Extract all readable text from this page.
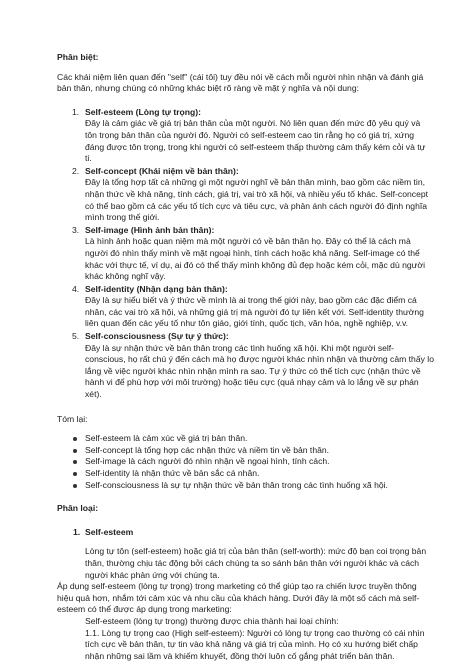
Phân biệt:

Các khái niệm liên quan đến "self" (cái tôi) tuy đều nói về cách mỗi người nhìn nhận và đánh giá bản thân, nhưng chúng có những khác biệt rõ ràng về mặt ý nghĩa và nội dung:

1. Self-esteem (Lòng tự trọng):
Đây là cảm giác về giá trị bản thân của một người. Nó liên quan đến mức độ yêu quý và tôn trọng bản thân của người đó. Người có self-esteem cao tin rằng họ có giá trị, xứng đáng được tôn trọng, trong khi người có self-esteem thấp thường cảm thấy kém cỏi và tự ti.
2. Self-concept (Khái niệm về bản thân):
Đây là tổng hợp tất cả những gì một người nghĩ về bản thân mình, bao gồm các niềm tin, nhận thức về khả năng, tính cách, giá trị, vai trò xã hội, và nhiều yếu tố khác. Self-concept có thể bao gồm cả các yếu tố tích cực và tiêu cực, và phản ánh cách người đó định nghĩa mình trong thế giới.
3. Self-image (Hình ảnh bản thân):
Là hình ảnh hoặc quan niệm mà một người có về bản thân họ. Đây có thể là cách mà người đó nhìn thấy mình về mặt ngoại hình, tính cách hoặc khả năng. Self-image có thể khác với thực tế, ví dụ, ai đó có thể thấy mình không đủ đẹp hoặc kém cỏi, mặc dù người khác không nghĩ vậy.
4. Self-identity (Nhận dạng bản thân):
Đây là sự hiểu biết và ý thức về mình là ai trong thế giới này, bao gồm các đặc điểm cá nhân, các vai trò xã hội, và những giá trị mà người đó tự liên kết với. Self-identity thường liên quan đến các yếu tố như tôn giáo, giới tính, quốc tịch, văn hóa, nghề nghiệp, v.v.
5. Self-consciousness (Sự tự ý thức):
Đây là sự nhận thức về bản thân trong các tình huống xã hội. Khi một người self-conscious, họ rất chú ý đến cách mà họ được người khác nhìn nhận và thường cảm thấy lo lắng về việc người khác nhìn nhận mình ra sao. Tự ý thức có thể tích cực (nhận thức về hành vi để phù hợp với môi trường) hoặc tiêu cực (quá nhạy cảm và lo lắng về sự phán xét).

Tóm lại:

Self-esteem là cảm xúc về giá trị bản thân.
Self-concept là tổng hợp các nhận thức và niềm tin về bản thân.
Self-image là cách người đó nhìn nhận về ngoại hình, tính cách.
Self-identity là nhận thức về bản sắc cá nhân.
Self-consciousness là sự tự nhận thức về bản thân trong các tình huống xã hội.

Phân loại:

1. Self-esteem

Lòng tự tôn (self-esteem) hoặc giá trị của bản thân (self-worth): mức độ bạn coi trọng bản thân, thường chịu tác động bởi cách chúng ta so sánh bản thân với người khác và cách người khác phản ứng với chúng ta.

Áp dụng self-esteem (lòng tự trọng) trong marketing có thể giúp tạo ra chiến lược truyền thông hiệu quả hơn, nhắm tới cảm xúc và nhu cầu của khách hàng. Dưới đây là một số cách mà self-esteem có thể được áp dụng trong marketing:

Self-esteem (lòng tự trọng) thường được chia thành hai loại chính:

1.1. Lòng tự trọng cao (High self-esteem): Người có lòng tự trọng cao thường có cái nhìn tích cực về bản thân, tự tin vào khả năng và giá trị của mình. Họ có xu hướng biết chấp nhận những sai lầm và khiếm khuyết, đồng thời luôn cố gắng phát triển bản thân.
